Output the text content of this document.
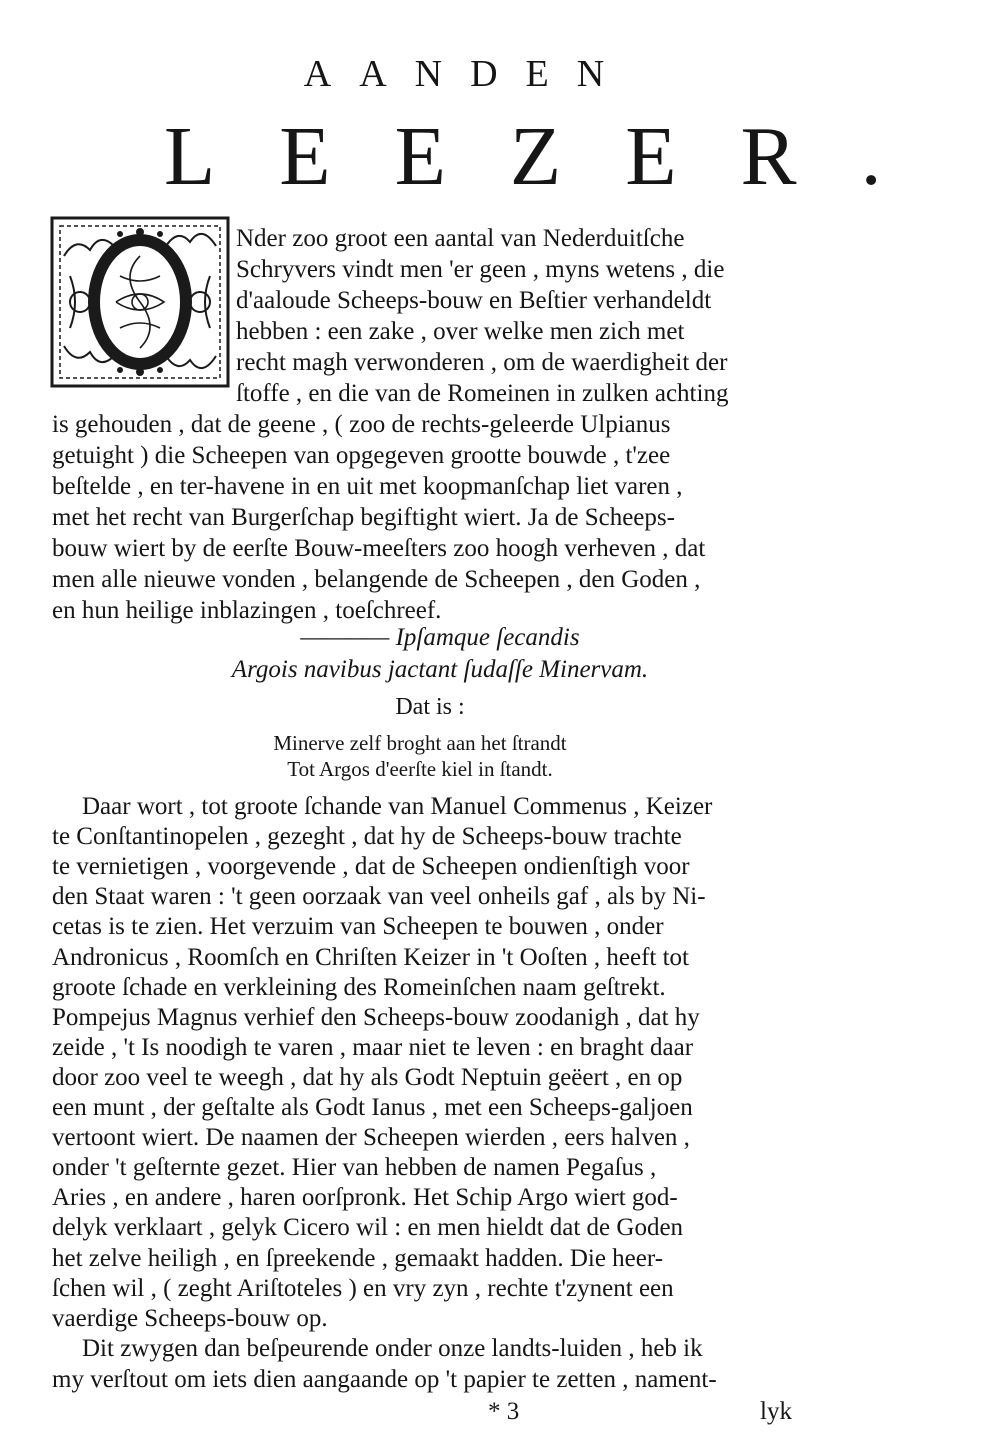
AANDEN
LEEZER.
Nder zoo groot een aantal van Nederduitſche
Schryvers vindt men 'er geen , myns wetens , die
d'aaloude Scheeps-bouw en Beſtier verhandeldt
hebben : een zake , over welke men zich met
recht magh verwonderen , om de waerdigheit der
ſtoffe , en die van de Romeinen in zulken achting
is gehouden , dat de geene , ( zoo de rechts-geleerde Ulpianus
getuight ) die Scheepen van opgegeven grootte bouwde , t'zee
beſtelde , en ter-havene in en uit met koopmanſchap liet varen ,
met het recht van Burgerſchap begiftight wiert. Ja de Scheeps-
bouw wiert by de eerſte Bouw-meeſters zoo hoogh verheven , dat
men alle nieuwe vonden , belangende de Scheepen , den Goden ,
en hun heilige inblazingen , toeſchreef.
———— Ipſamque ſecandis
Argois navibus jactant ſudaſſe Minervam.
Dat is :
Minerve zelf broght aan het ſtrandt
Tot Argos d'eerſte kiel in ſtandt.
Daar wort , tot groote ſchande van Manuel Commenus , Keizer
te Conſtantinopelen , gezeght , dat hy de Scheeps-bouw trachte
te vernietigen , voorgevende , dat de Scheepen ondienſtigh voor
den Staat waren : 't geen oorzaak van veel onheils gaf , als by Ni-
cetas is te zien. Het verzuim van Scheepen te bouwen , onder
Andronicus , Roomſch en Chriſten Keizer in 't Ooſten , heeft tot
groote ſchade en verkleining des Romeinſchen naam geſtrekt.
Pompejus Magnus verhief den Scheeps-bouw zoodanigh , dat hy
zeide , 't Is noodigh te varen , maar niet te leven : en braght daar
door zoo veel te weegh , dat hy als Godt Neptuin geëert , en op
een munt , der geſtalte als Godt Ianus , met een Scheeps-galjoen
vertoont wiert. De naamen der Scheepen wierden , eers halven ,
onder 't geſternte gezet. Hier van hebben de namen Pegaſus ,
Aries , en andere , haren oorſpronk. Het Schip Argo wiert god-
delyk verklaart , gelyk Cicero wil : en men hieldt dat de Goden
het zelve heiligh , en ſpreekende , gemaakt hadden. Die heer-
ſchen wil , ( zeght Ariſtoteles ) en vry zyn , rechte t'zynent een
vaerdige Scheeps-bouw op.
Dit zwygen dan beſpeurende onder onze landts-luiden , heb ik
my verſtout om iets dien aangaande op 't papier te zetten , nament-
* 3	lyk
